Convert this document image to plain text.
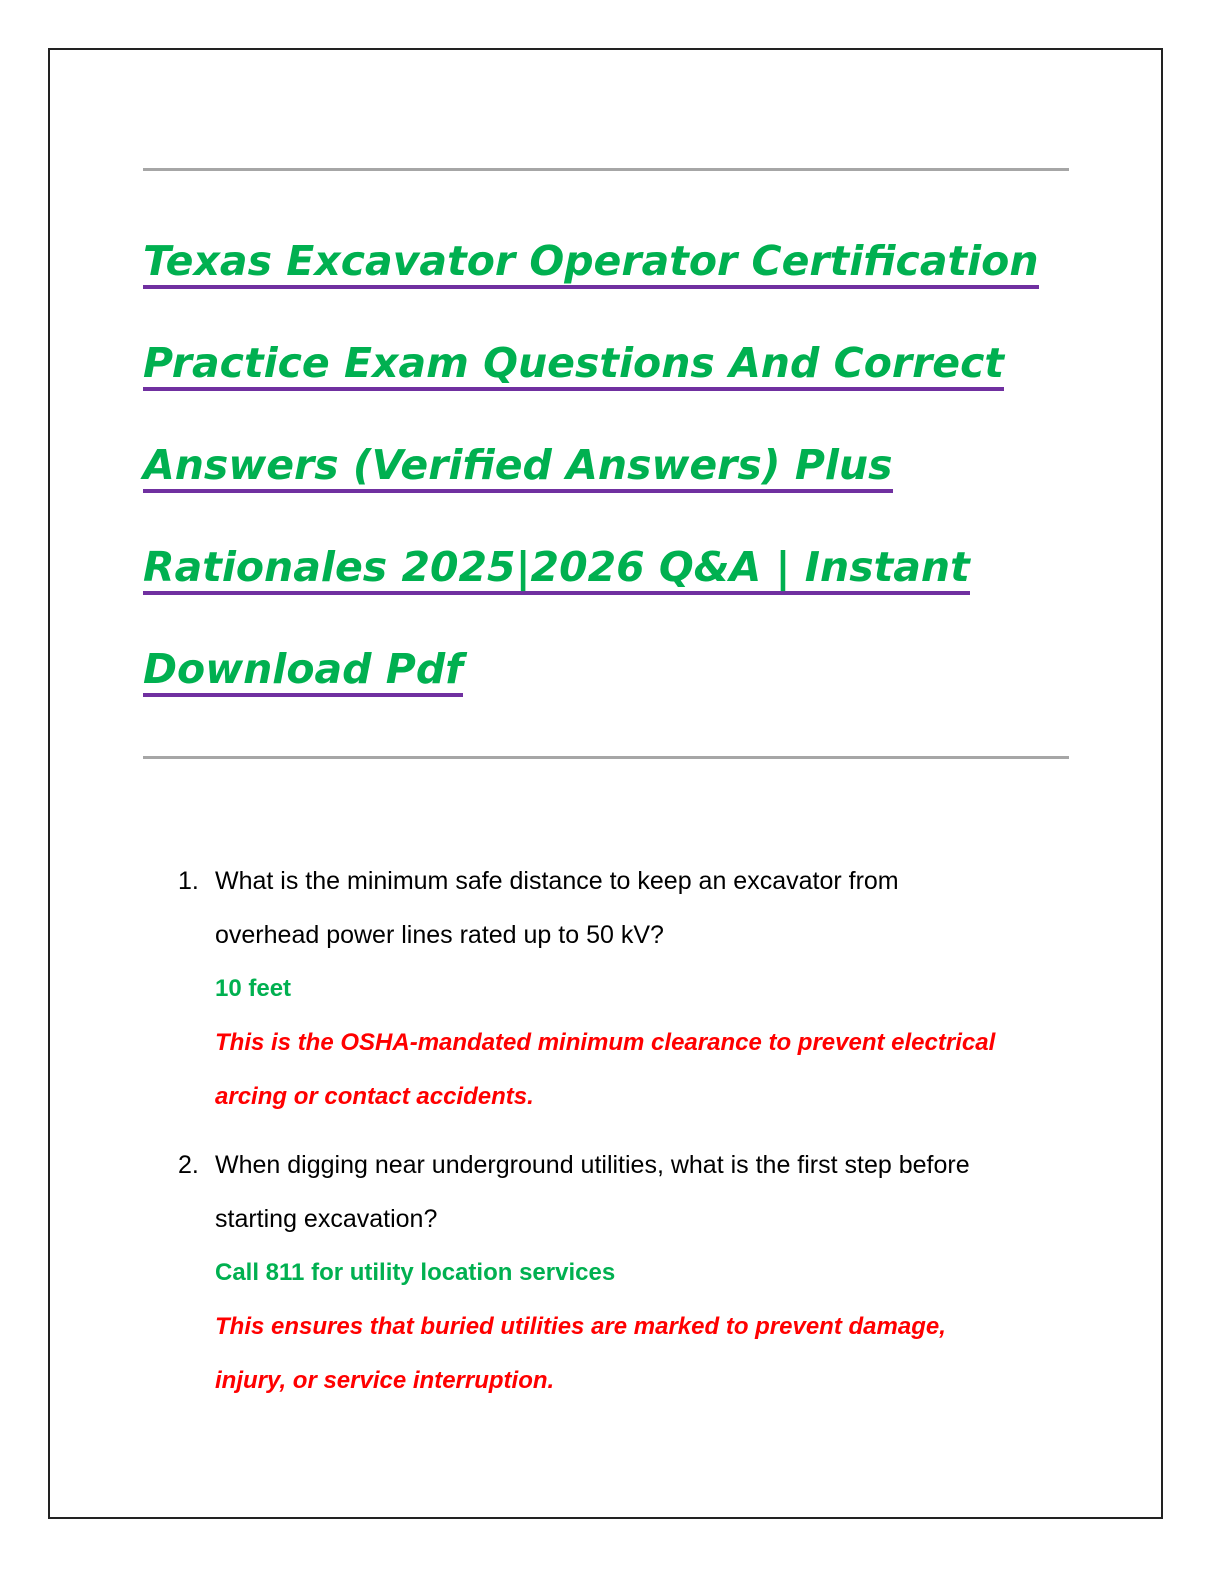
Texas Excavator Operator Certification
Practice Exam Questions And Correct
Answers (Verified Answers) Plus
Rationales 2025|2026 Q&A | Instant
Download Pdf
1. What is the minimum safe distance to keep an excavator from

overhead power lines rated up to 50 kV?

10 feet

This is the OSHA-mandated minimum clearance to prevent electrical

arcing or contact accidents.

2. When digging near underground utilities, what is the first step before

starting excavation?

Call 811 for utility location services

This ensures that buried utilities are marked to prevent damage,

injury, or service interruption.
